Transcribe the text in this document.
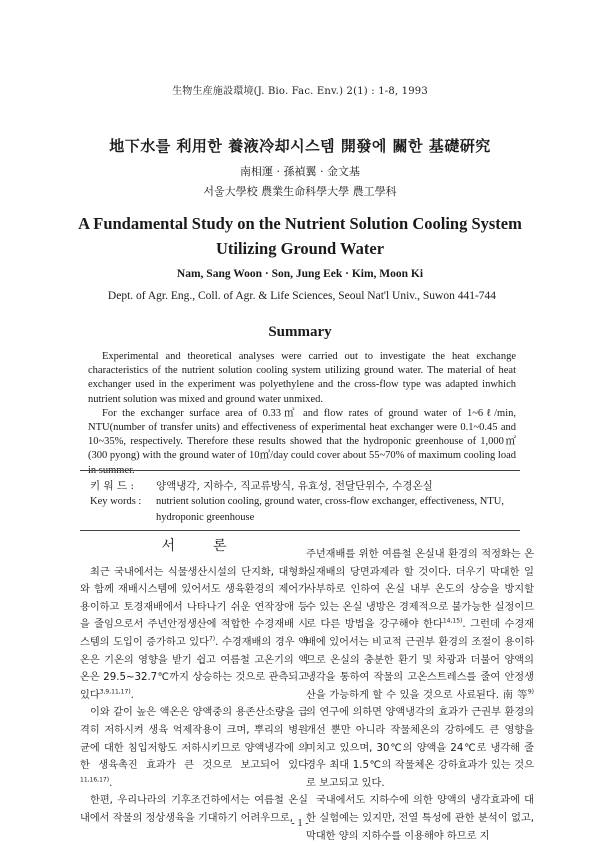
生物生産施設環境(J. Bio. Fac. Env.) 2(1) : 1-8, 1993
地下水를 利用한 養液冷却시스템 開發에 關한 基礎硏究
南相運 · 孫禎翼 · 金文基
서울大學校 農業生命科學大學 農工學科
A Fundamental Study on the Nutrient Solution Cooling System Utilizing Ground Water
Nam, Sang Woon · Son, Jung Eek · Kim, Moon Ki
Dept. of Agr. Eng., Coll. of Agr. & Life Sciences, Seoul Nat'l Univ., Suwon 441-744
Summary

Experimental and theoretical analyses were carried out to investigate the heat exchange characteristics of the nutrient solution cooling system utilizing ground water. The material of heat exchanger used in the experiment was polyethylene and the cross-flow type was adapted inwhich nutrient solution was mixed and ground water unmixed.

For the exchanger surface area of 0.33㎡ and flow rates of ground water of 1~6ℓ/min, NTU(number of transfer units) and effectiveness of experimental heat exchanger were 0.1~0.45 and 10~35%, respectively. Therefore these results showed that the hydroponic greenhouse of 1,000㎡(300 pyong) with the ground water of 10㎥/day could cover about 55~70% of maximum cooling load in summer.

키 워 드 : 양액냉각, 지하수, 직교류방식, 유효성, 전달단위수, 수경온실
Key words : nutrient solution cooling, ground water, cross-flow exchanger, effectiveness, NTU,
hydroponic greenhouse
서론

최근 국내에서는 식물생산시설의 단지화, 대형화와 함께 재배시스템에 있어서도 생육환경의 제어가 용이하고 토경재배에서 나타나기 쉬운 연작장애 등을 줄임으로서 주년안정생산에 적합한 수경재배 시스템의 도입이 증가하고 있다$^{7)}$. 수경재배의 경우 액온은 기온의 영향을 받기 쉽고 여름철 고온기의 액온은 29.5~32.7℃까지 상승하는 것으로 관측되고 있다$^{3,9,11,17)}$.

이와 같이 높은 액온은 양액중의 용존산소량을 급격히 저하시켜 생육 억제작용이 크며, 뿌리의 병원균에 대한 침입저항도 저하시키므로 양액냉각에 의한 생육촉진 효과가 큰 것으로 보고되어 있다$^{11,16,17)}$.

한편, 우리나라의 기후조건하에서는 여름철 온실내에서 작물의 정상생육을 기대하기 어려우므로,

주년재배를 위한 여름철 온실내 환경의 적정화는 온실재배의 당면과제라 할 것이다. 더우기 막대한 일사부하로 인하여 온실 내부 온도의 상승을 방지할 수 있는 온실 냉방은 경제적으로 불가능한 실정이므로 다른 방법을 강구해야 한다$^{14,15)}$. 그런데 수경재배에 있어서는 비교적 근권부 환경의 조절이 용이하므로 온실의 충분한 환기 및 차광과 더불어 양액의 냉각을 통하여 작물의 고온스트레스를 줄여 안정생산을 가능하게 할 수 있을 것으로 사료된다. 南 等$^{9)}$의 연구에 의하면 양액냉각의 효과가 근권부 환경의 개선 뿐만 아니라 작물체온의 강하에도 큰 영향을 미치고 있으며, 30℃의 양액을 24℃로 냉각해 줄 경우 최대 1.5℃의 작물체온 강하효과가 있는 것으로 보고되고 있다.

국내에서도 지하수에 의한 양액의 냉각효과에 대한 실험예는 있지만, 전열 특성에 관한 분석이 없고, 막대한 양의 지하수를 이용해야 하므로 지

- 1 -
